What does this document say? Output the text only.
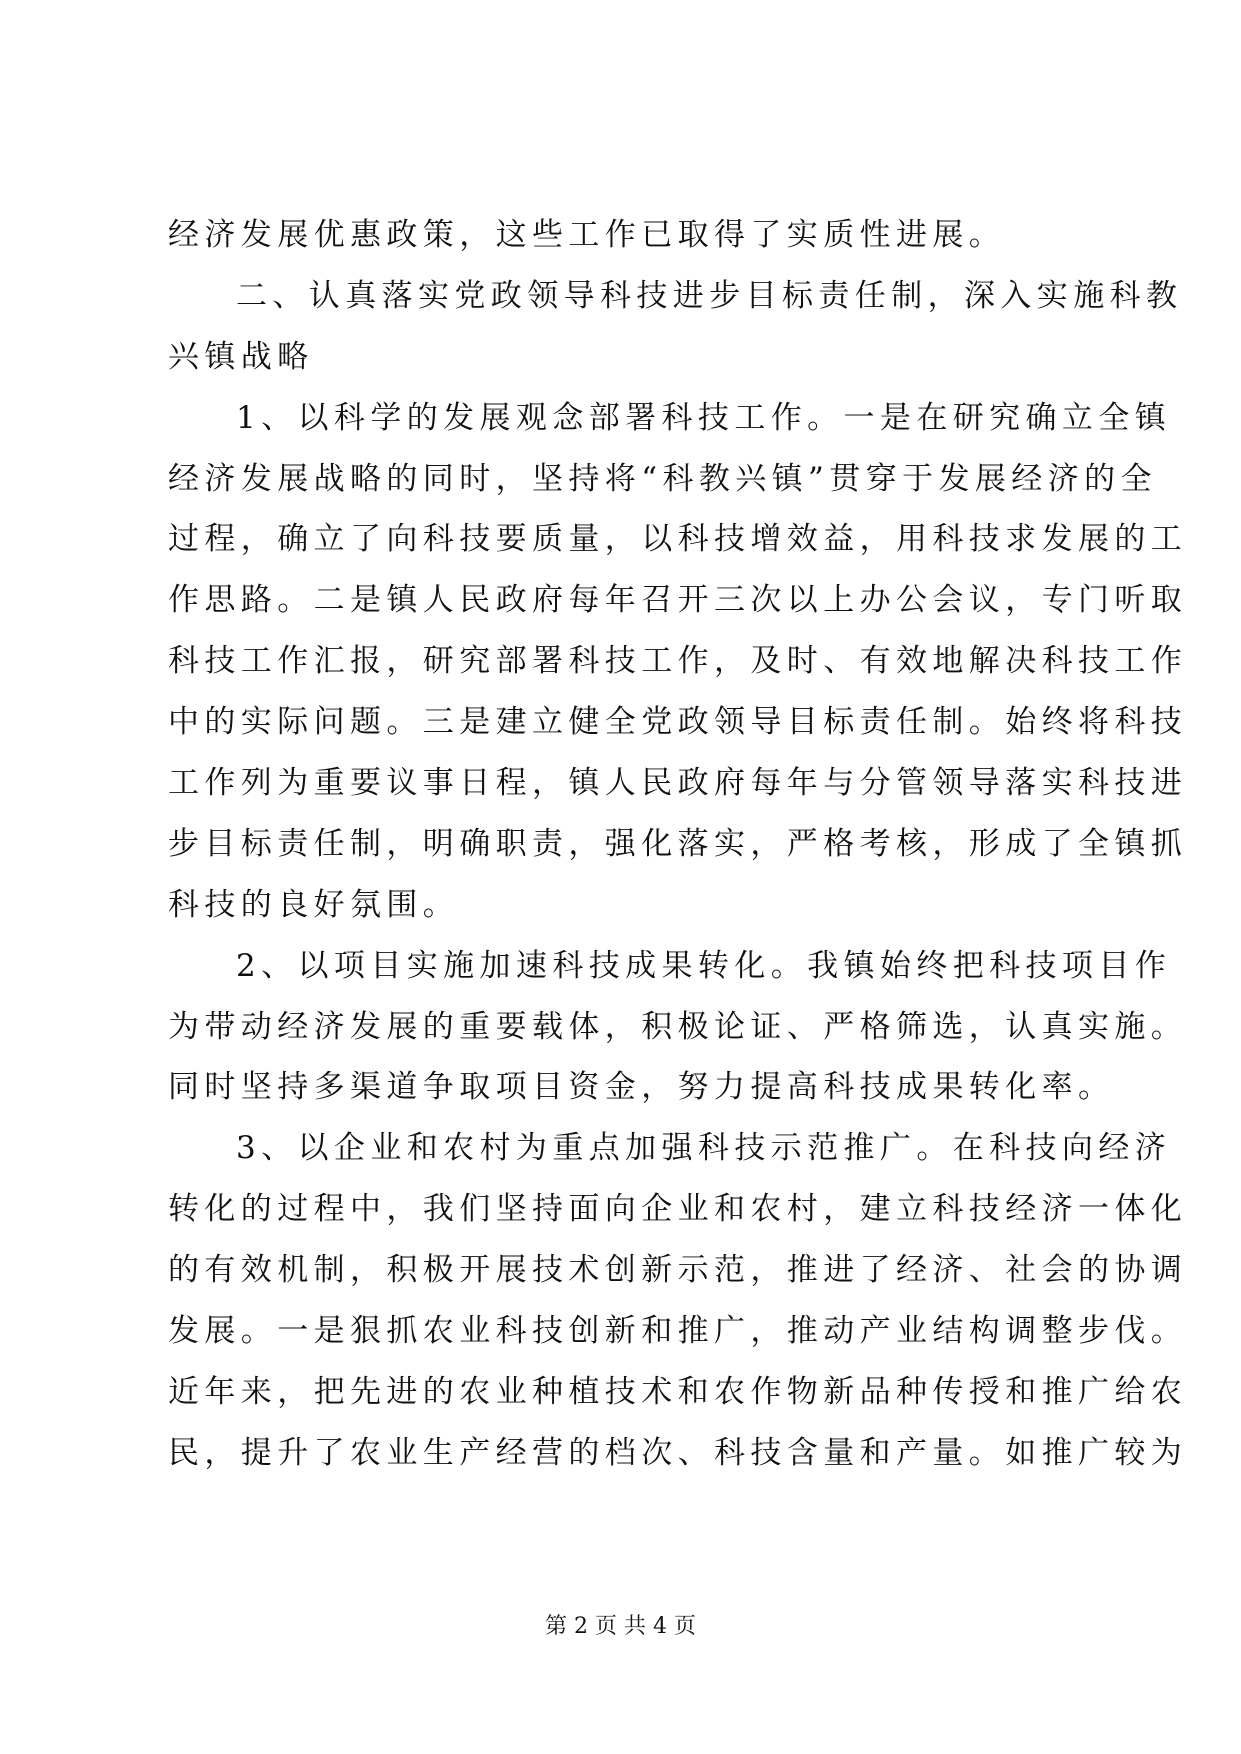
经济发展优惠政策，这些工作已取得了实质性进展。
二、认真落实党政领导科技进步目标责任制，深入实施科教
兴镇战略
1、以科学的发展观念部署科技工作。一是在研究确立全镇
经济发展战略的同时，坚持将“科教兴镇”贯穿于发展经济的全
过程，确立了向科技要质量，以科技增效益，用科技求发展的工
作思路。二是镇人民政府每年召开三次以上办公会议，专门听取
科技工作汇报，研究部署科技工作，及时、有效地解决科技工作
中的实际问题。三是建立健全党政领导目标责任制。始终将科技
工作列为重要议事日程，镇人民政府每年与分管领导落实科技进
步目标责任制，明确职责，强化落实，严格考核，形成了全镇抓
科技的良好氛围。
2、以项目实施加速科技成果转化。我镇始终把科技项目作
为带动经济发展的重要载体，积极论证、严格筛选，认真实施。
同时坚持多渠道争取项目资金，努力提高科技成果转化率。
3、以企业和农村为重点加强科技示范推广。在科技向经济
转化的过程中，我们坚持面向企业和农村，建立科技经济一体化
的有效机制，积极开展技术创新示范，推进了经济、社会的协调
发展。一是狠抓农业科技创新和推广，推动产业结构调整步伐。
近年来，把先进的农业种植技术和农作物新品种传授和推广给农
民，提升了农业生产经营的档次、科技含量和产量。如推广较为
第 2 页 共 4 页
